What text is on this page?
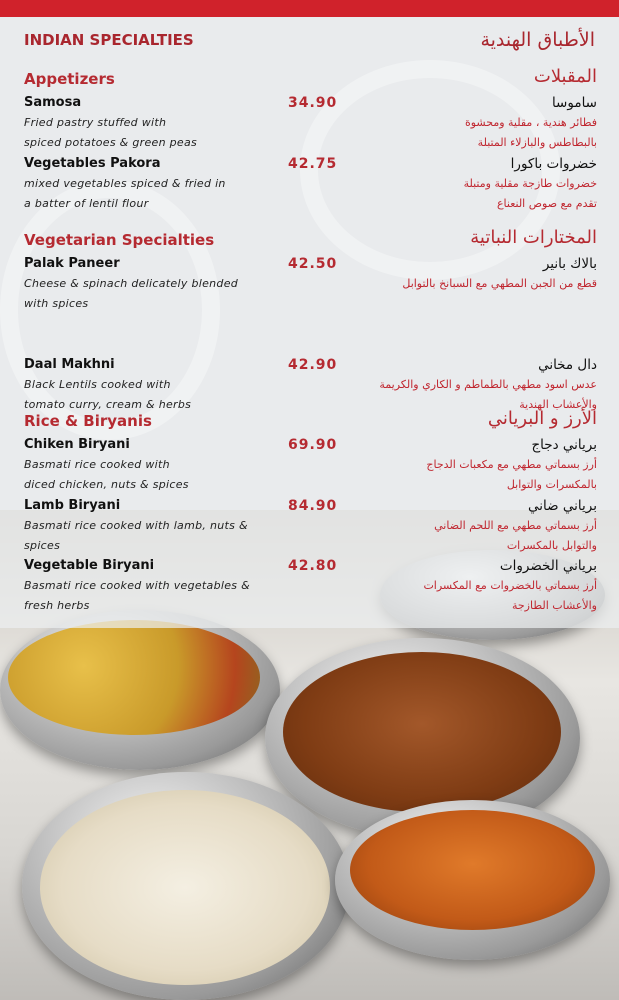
INDIAN SPECIALTIES	الأطباق الهندية
Appetizers	المقبلات
Samosa
Fried pastry stuffed with
spiced potatoes & green peas
34.90	ساموسا
فطائر هندية ، مقلية ومحشوة
بالبطاطس والبازلاء المتبلة
Vegetables Pakora
mixed vegetables spiced & fried in
a batter of lentil flour
42.75	خضروات باكورا
خضروات طازجة مقلية ومتبلة
تقدم مع صوص النعناع
Vegetarian Specialties	المختارات النباتية
Palak Paneer
Cheese & spinach delicately blended
with spices
42.50	بالاك بانير
قطع من الجبن المطهي مع السبانخ بالتوابل
Daal Makhni
Black Lentils cooked with
tomato curry, cream & herbs
42.90	دال مخاني
عدس اسود مطهي بالطماطم و الكاري والكريمة
والأعشاب الهندية
Rice & Biryanis	الأرز و البرياني
Chiken Biryani
Basmati rice cooked with
diced chicken, nuts & spices
69.90	برياني دجاج
أرز بسماتي مطهي مع مكعبات الدجاج
بالمكسرات والتوابل
Lamb Biryani
Basmati rice cooked with lamb, nuts &
spices
84.90	برياني ضاني
أرز بسماتي مطهي مع اللحم الضاني
والتوابل بالمكسرات
Vegetable Biryani
Basmati rice cooked with vegetables &
fresh herbs
42.80	برياني الخضروات
أرز بسماتي بالخضروات مع المكسرات
والأعشاب الطازجة
